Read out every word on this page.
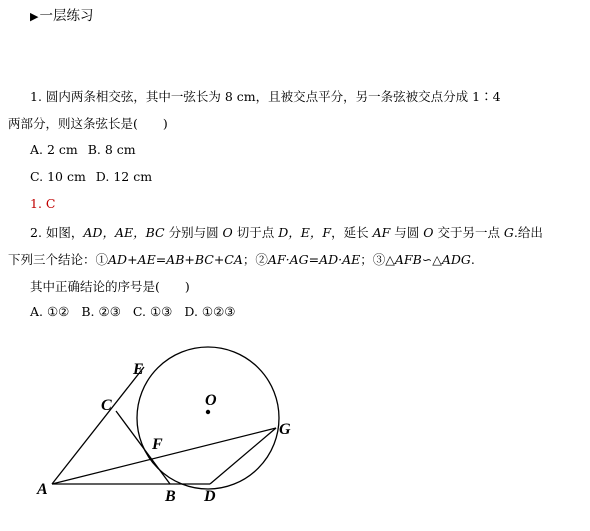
▶一层练习
1. 圆内两条相交弦，其中一弦长为 8 cm，且被交点平分，另一条弦被交点分成 1∶4
两部分，则这条弦长是(　　)
A. 2 cm B. 8 cm
C. 10 cm D. 12 cm
1. C
2. 如图，AD，AE，BC 分别与圆 O 切于点 D，E，F，延长 AF 与圆 O 交于另一点 G.给出
下列三个结论：①AD+AE=AB+BC+CA；②AF·AG=AD·AE；③△AFB∽△ADG.
其中正确结论的序号是(　　)
A. ①② B. ②③ C. ①③ D. ①②③
E
C	O
G
F
A	B D
